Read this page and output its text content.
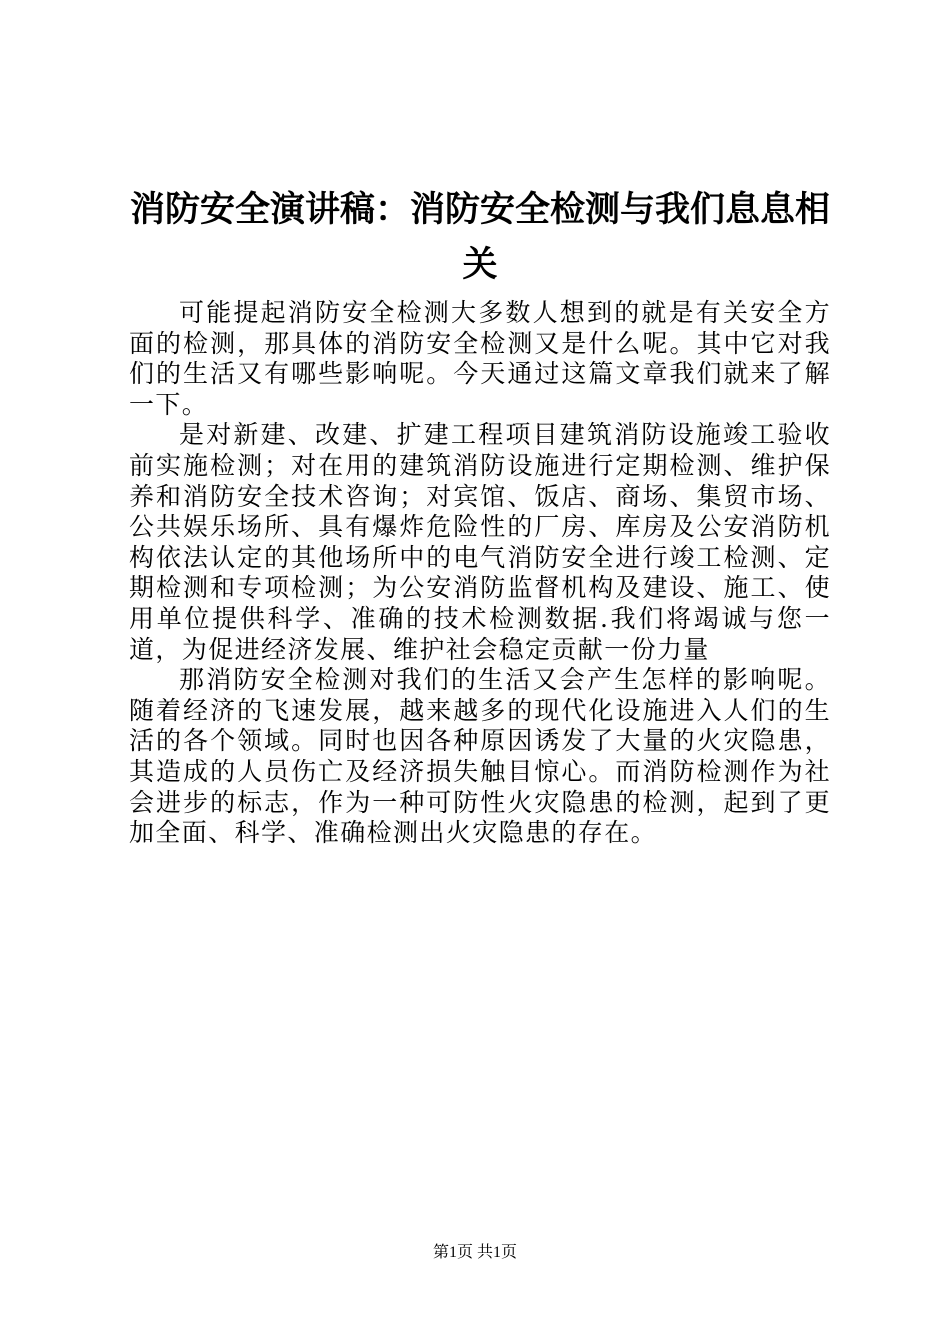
消防安全演讲稿：消防安全检测与我们息息相关

可能提起消防安全检测大多数人想到的就是有关安全方面的检测，那具体的消防安全检测又是什么呢。其中它对我们的生活又有哪些影响呢。今天通过这篇文章我们就来了解一下。

是对新建、改建、扩建工程项目建筑消防设施竣工验收前实施检测；对在用的建筑消防设施进行定期检测、维护保养和消防安全技术咨询；对宾馆、饭店、商场、集贸市场、公共娱乐场所、具有爆炸危险性的厂房、库房及公安消防机构依法认定的其他场所中的电气消防安全进行竣工检测、定期检测和专项检测；为公安消防监督机构及建设、施工、使用单位提供科学、准确的技术检测数据.我们将竭诚与您一道，为促进经济发展、维护社会稳定贡献一份力量

那消防安全检测对我们的生活又会产生怎样的影响呢。随着经济的飞速发展，越来越多的现代化设施进入人们的生活的各个领域。同时也因各种原因诱发了大量的火灾隐患，其造成的人员伤亡及经济损失触目惊心。而消防检测作为社会进步的标志，作为一种可防性火灾隐患的检测，起到了更加全面、科学、准确检测出火灾隐患的存在。

第1页 共1页
